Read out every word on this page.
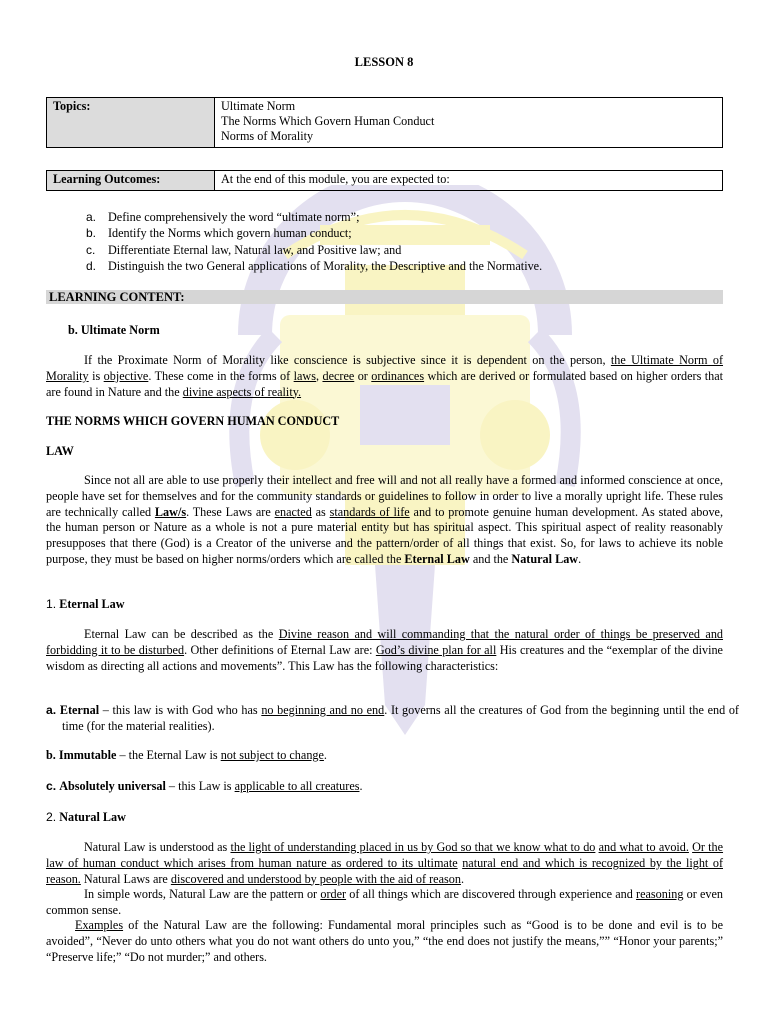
LESSON 8
Topics:	Ultimate Norm
The Norms Which Govern Human Conduct
Norms of Morality
Learning Outcomes:	At the end of this module, you are expected to:
a. Define comprehensively the word “ultimate norm”;
b. Identify the Norms which govern human conduct;
c.	Differentiate Eternal law, Natural law, and Positive law; and
d. Distinguish the two General applications of Morality, the Descriptive and the Normative.
LEARNING CONTENT:
b. Ultimate Norm
If the Proximate Norm of Morality like conscience is subjective since it is dependent on the person, the Ultimate Norm of Morality is objective. These come in the forms of laws, decree or ordinances which are derived or formulated based on higher orders that are found in Nature and the divine aspects of reality.
THE NORMS WHICH GOVERN HUMAN CONDUCT
LAW
Since not all are able to use properly their intellect and free will and not all really have a formed and informed conscience at once, people have set for themselves and for the community standards or guidelines to follow in order to live a morally upright life. These rules are technically called Law/s. These Laws are enacted as standards of life and to promote genuine human development. As stated above, the human person or Nature as a whole is not a pure material entity but has spiritual aspect. This spiritual aspect of reality reasonably presupposes that there (God) is a Creator of the universe and the pattern/order of all things that exist. So, for laws to achieve its noble purpose, they must be based on higher norms/orders which are called the Eternal Law and the Natural Law.
1. Eternal Law
Eternal Law can be described as the Divine reason and will commanding that the natural order of things be preserved and forbidding it to be disturbed. Other definitions of Eternal Law are: God’s divine plan for all His creatures and the “exemplar of the divine wisdom as directing all actions and movements”. This Law has the following characteristics:
a. Eternal – this law is with God who has no beginning and no end. It governs all the creatures of God from the beginning until the end of time (for the material realities).
b. Immutable – the Eternal Law is not subject to change.
c. Absolutely universal – this Law is applicable to all creatures.
2. Natural Law
Natural Law is understood as the light of understanding placed in us by God so that we know what to do and what to avoid. Or the law of human conduct which arises from human nature as ordered to its ultimate natural end and which is recognized by the light of reason. Natural Laws are discovered and understood by people with the aid of reason.
In simple words, Natural Law are the pattern or order of all things which are discovered through experience and reasoning or even common sense.
Examples of the Natural Law are the following: Fundamental moral principles such as “Good is to be done and evil is to be avoided”, “Never do unto others what you do not want others do unto you,” “the end does not justify the means,”” “Honor your parents;” “Preserve life;” “Do not murder;” and others.
